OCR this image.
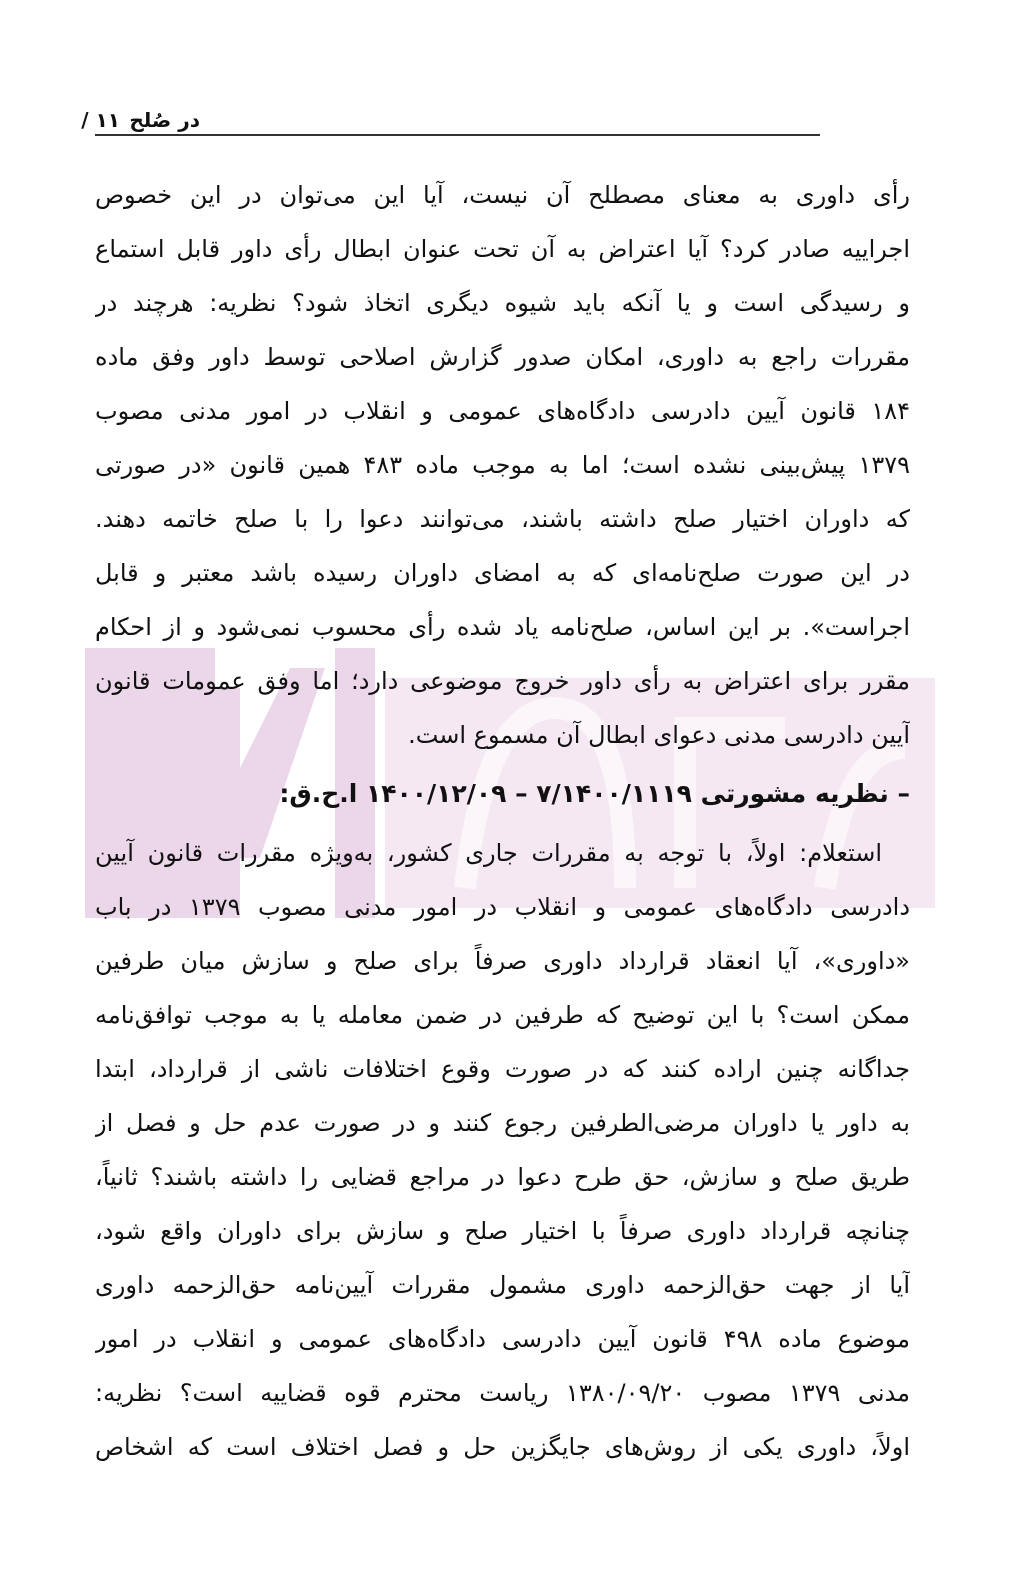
در صُلح
۱۱ /
رأی داوری به معنای مصطلح آن نیست، آیا این می‌توان در این خصوص
اجراییه صادر کرد؟ آیا اعتراض به آن تحت عنوان ابطال رأی داور قابل استماع
و رسیدگی است و یا آنکه باید شیوه دیگری اتخاذ شود؟ نظریه: هرچند در
مقررات راجع به داوری، امکان صدور گزارش اصلاحی توسط داور وفق ماده
۱۸۴ قانون آیین دادرسی دادگاه‌های عمومی و انقلاب در امور مدنی مصوب
۱۳۷۹ پیش‌بینی نشده است؛ اما به موجب ماده ۴۸۳ همین قانون «در صورتی
که داوران اختیار صلح داشته باشند، می‌توانند دعوا را با صلح خاتمه دهند.
در این صورت صلح‌نامه‌ای که به امضای داوران رسیده باشد معتبر و قابل
اجراست». بر این اساس، صلح‌نامه یاد شده رأی محسوب نمی‌شود و از احکام
مقرر برای اعتراض به رأی داور خروج موضوعی دارد؛ اما وفق عمومات قانون
آیین دادرسی مدنی دعوای ابطال آن مسموع است.
– نظریه مشورتی ۷/۱۴۰۰/۱۱۱۹ – ۱۴۰۰/۱۲/۰۹ ا.ح.ق:
استعلام: اولاً، با توجه به مقررات جاری کشور، به‌ویژه مقررات قانون آیین
دادرسی دادگاه‌های عمومی و انقلاب در امور مدنی مصوب ۱۳۷۹ در باب
«داوری»، آیا انعقاد قرارداد داوری صرفاً برای صلح و سازش میان طرفین
ممکن است؟ با این توضیح که طرفین در ضمن معامله یا به موجب توافق‌نامه
جداگانه چنین اراده کنند که در صورت وقوع اختلافات ناشی از قرارداد، ابتدا
به داور یا داوران مرضی‌الطرفین رجوع کنند و در صورت عدم حل و فصل از
طریق صلح و سازش، حق طرح دعوا در مراجع قضایی را داشته باشند؟ ثانیاً،
چنانچه قرارداد داوری صرفاً با اختیار صلح و سازش برای داوران واقع شود،
آیا از جهت حق‌الزحمه داوری مشمول مقررات آیین‌نامه حق‌الزحمه داوری
موضوع ماده ۴۹۸ قانون آیین دادرسی دادگاه‌های عمومی و انقلاب در امور
مدنی ۱۳۷۹ مصوب ۱۳۸۰/۰۹/۲۰ ریاست محترم قوه قضاییه است؟ نظریه:
اولاً، داوری یکی از روش‌های جایگزین حل و فصل اختلاف است که اشخاص
